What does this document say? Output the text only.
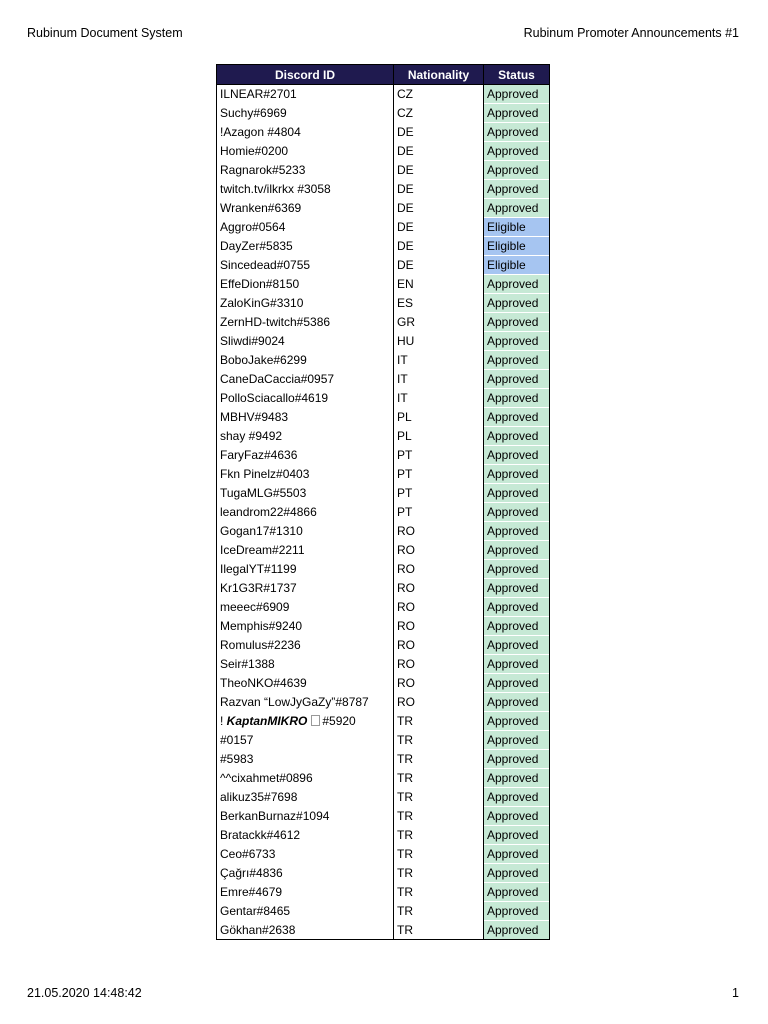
Rubinum Document System	Rubinum Promoter Announcements #1
Discord ID	Nationality	Status
ILNEAR#2701	CZ	Approved
Suchy#6969	CZ	Approved
!Azagon #4804	DE	Approved
Homie#0200	DE	Approved
Ragnarok#5233	DE	Approved
twitch.tv/ilkrkx #3058	DE	Approved
Wranken#6369	DE	Approved
Aggro#0564	DE	Eligible
DayZer#5835	DE	Eligible
Sincedead#0755	DE	Eligible
EffeDion#8150	EN	Approved
ZaloKinG#3310	ES	Approved
ZernHD-twitch#5386	GR	Approved
Sliwdi#9024	HU	Approved
BoboJake#6299	IT	Approved
CaneDaCaccia#0957	IT	Approved
PolloSciacallo#4619	IT	Approved
MBHV#9483	PL	Approved
shay #9492	PL	Approved
FaryFaz#4636	PT	Approved
Fkn Pinelz#0403	PT	Approved
TugaMLG#5503	PT	Approved
leandrom22#4866	PT	Approved
Gogan17#1310	RO	Approved
IceDream#2211	RO	Approved
IlegalYT#1199	RO	Approved
Kr1G3R#1737	RO	Approved
meeec#6909	RO	Approved
Memphis#9240	RO	Approved
Romulus#2236	RO	Approved
Seir#1388	RO	Approved
TheoNKO#4639	RO	Approved
Razvan “LowJyGaZy”#8787	RO	Approved
! KaptanMIKRO #5920	TR	Approved
#0157	TR	Approved
#5983	TR	Approved
^^cixahmet#0896	TR	Approved
alikuz35#7698	TR	Approved
BerkanBurnaz#1094	TR	Approved
Bratackk#4612	TR	Approved
Ceo#6733	TR	Approved
Çağrı#4836	TR	Approved
Emre#4679	TR	Approved
Gentar#8465	TR	Approved
Gökhan#2638	TR	Approved
21.05.2020 14:48:42	1
